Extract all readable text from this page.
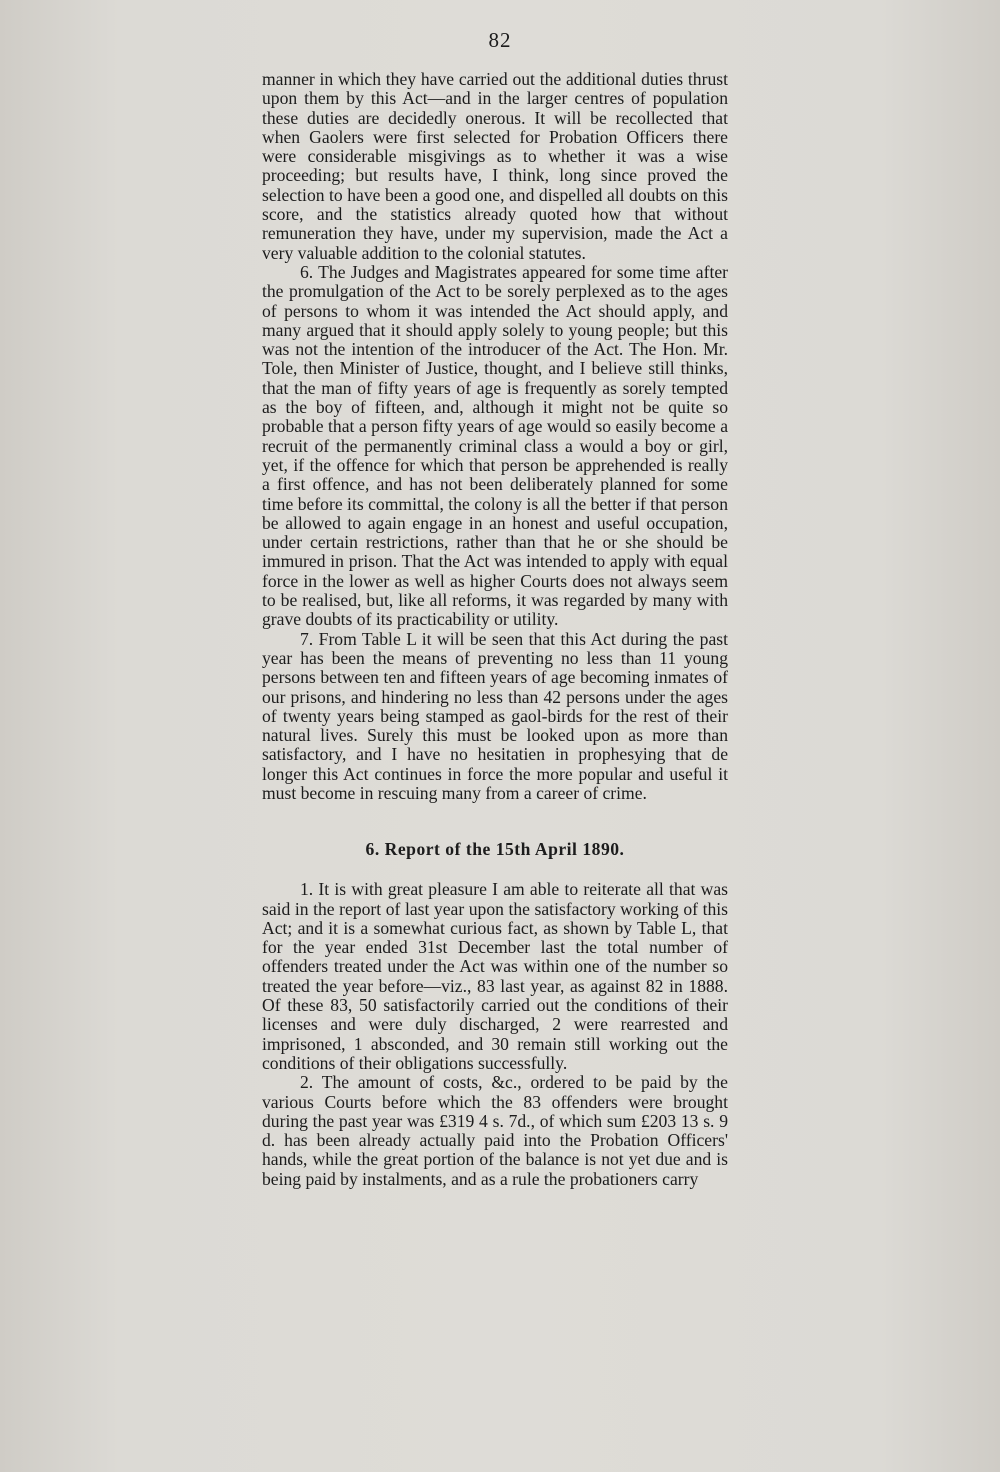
82

manner in which they have carried out the additional duties thrust upon them by this Act—and in the larger centres of population these duties are decidedly onerous. It will be recollected that when Gaolers were first selected for Probation Officers there were considerable misgivings as to whether it was a wise proceeding; but results have, I think, long since proved the selection to have been a good one, and dispelled all doubts on this score, and the statistics already quoted how that without remuneration they have, under my supervision, made the Act a very valuable addition to the colonial statutes.

6. The Judges and Magistrates appeared for some time after the promulgation of the Act to be sorely perplexed as to the ages of persons to whom it was intended the Act should apply, and many argued that it should apply solely to young people; but this was not the intention of the introducer of the Act. The Hon. Mr. Tole, then Minister of Justice, thought, and I believe still thinks, that the man of fifty years of age is frequently as sorely tempted as the boy of fifteen, and, although it might not be quite so probable that a person fifty years of age would so easily become a recruit of the permanently criminal class a would a boy or girl, yet, if the offence for which that person be apprehended is really a first offence, and has not been deliberately planned for some time before its committal, the colony is all the better if that person be allowed to again engage in an honest and useful occupation, under certain restrictions, rather than that he or she should be immured in prison. That the Act was intended to apply with equal force in the lower as well as higher Courts does not always seem to be realised, but, like all reforms, it was regarded by many with grave doubts of its practicability or utility.

7. From Table L it will be seen that this Act during the past year has been the means of preventing no less than 11 young persons between ten and fifteen years of age becoming inmates of our prisons, and hindering no less than 42 persons under the ages of twenty years being stamped as gaol-birds for the rest of their natural lives. Surely this must be looked upon as more than satisfactory, and I have no hesitatien in prophesying that de longer this Act continues in force the more popular and useful it must become in rescuing many from a career of crime.

6. Report of the 15th April 1890.

1. It is with great pleasure I am able to reiterate all that was said in the report of last year upon the satisfactory working of this Act; and it is a somewhat curious fact, as shown by Table L, that for the year ended 31st December last the total number of offenders treated under the Act was within one of the number so treated the year before—viz., 83 last year, as against 82 in 1888. Of these 83, 50 satisfactorily carried out the conditions of their licenses and were duly discharged, 2 were rearrested and imprisoned, 1 absconded, and 30 remain still working out the conditions of their obligations successfully.

2. The amount of costs, &c., ordered to be paid by the various Courts before which the 83 offenders were brought during the past year was £319 4 s. 7d., of which sum £203 13 s. 9 d. has been already actually paid into the Probation Officers' hands, while the great portion of the balance is not yet due and is being paid by instalments, and as a rule the probationers carry
